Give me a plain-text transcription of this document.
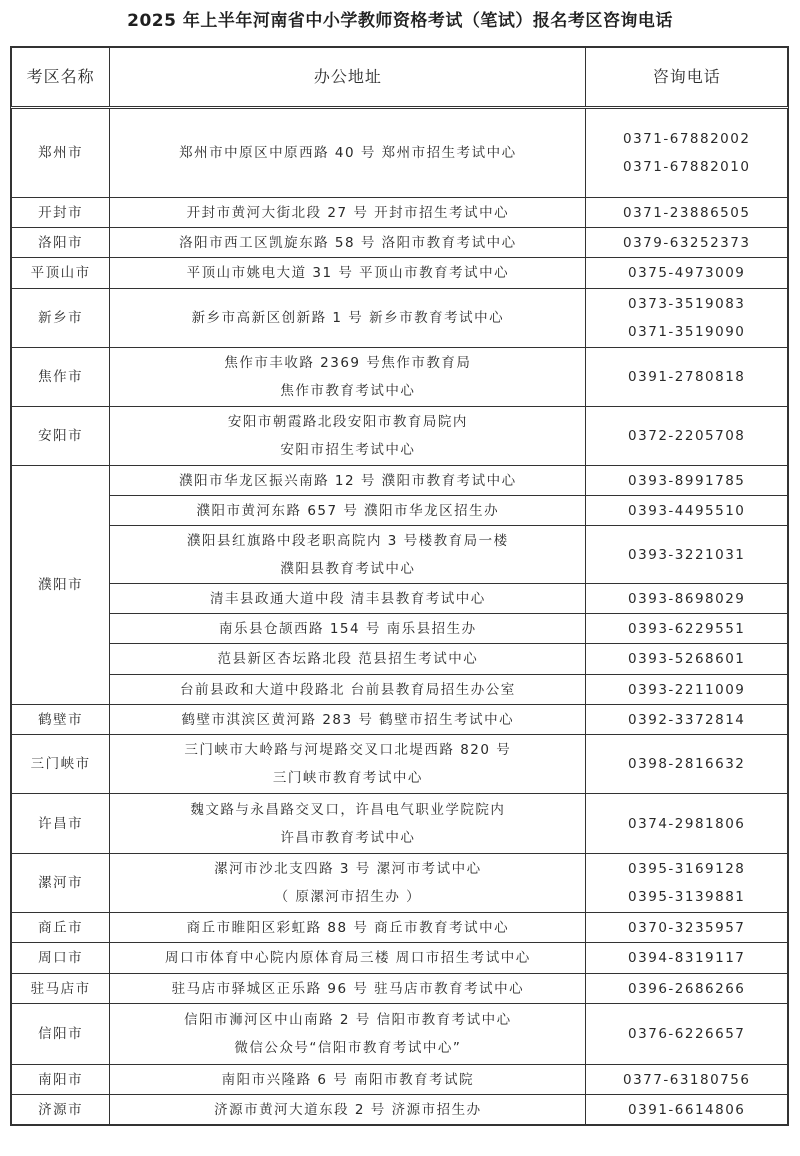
2025 年上半年河南省中小学教师资格考试（笔试）报名考区咨询电话
考区名称	办公地址	咨询电话
郑州市	郑州市中原区中原西路 40 号 郑州市招生考试中心	0371-67882002
0371-67882010

开封市	开封市黄河大街北段 27 号 开封市招生考试中心	0371-23886505

洛阳市	洛阳市西工区凯旋东路 58 号 洛阳市教育考试中心	0379-63252373

平顶山市	平顶山市姚电大道 31 号 平顶山市教育考试中心	0375-4973009

新乡市	新乡市高新区创新路 1 号 新乡市教育考试中心	0373-3519083
0371-3519090

焦作市	焦作市丰收路 2369 号焦作市教育局
焦作市教育考试中心	0391-2780818

安阳市	安阳市朝霞路北段安阳市教育局院内
安阳市招生考试中心	0372-2205708

濮阳市	濮阳市华龙区振兴南路 12 号 濮阳市教育考试中心	0393-8991785

	濮阳市黄河东路 657 号 濮阳市华龙区招生办	0393-4495510

	濮阳县红旗路中段老职高院内 3 号楼教育局一楼
濮阳县教育考试中心	0393-3221031

	清丰县政通大道中段 清丰县教育考试中心	0393-8698029

	南乐县仓颉西路 154 号 南乐县招生办	0393-6229551

	范县新区杏坛路北段 范县招生考试中心	0393-5268601

	台前县政和大道中段路北 台前县教育局招生办公室	0393-2211009
鹤壁市	鹤壁市淇滨区黄河路 283 号 鹤壁市招生考试中心	0392-3372814

三门峡市	三门峡市大岭路与河堤路交叉口北堤西路 820 号
三门峡市教育考试中心	0398-2816632

许昌市	魏文路与永昌路交叉口，许昌电气职业学院院内
许昌市教育考试中心	0374-2981806

漯河市	漯河市沙北支四路 3 号 漯河市考试中心
（ 原漯河市招生办 ）	0395-3169128
0395-3139881

商丘市	商丘市睢阳区彩虹路 88 号 商丘市教育考试中心	0370-3235957

周口市	周口市体育中心院内原体育局三楼 周口市招生考试中心	0394-8319117

驻马店市	驻马店市驿城区正乐路 96 号 驻马店市教育考试中心	0396-2686266

信阳市	信阳市浉河区中山南路 2 号 信阳市教育考试中心
微信公众号“信阳市教育考试中心”	0376-6226657

南阳市	南阳市兴隆路 6 号 南阳市教育考试院	0377-63180756

济源市	济源市黄河大道东段 2 号 济源市招生办	0391-6614806
